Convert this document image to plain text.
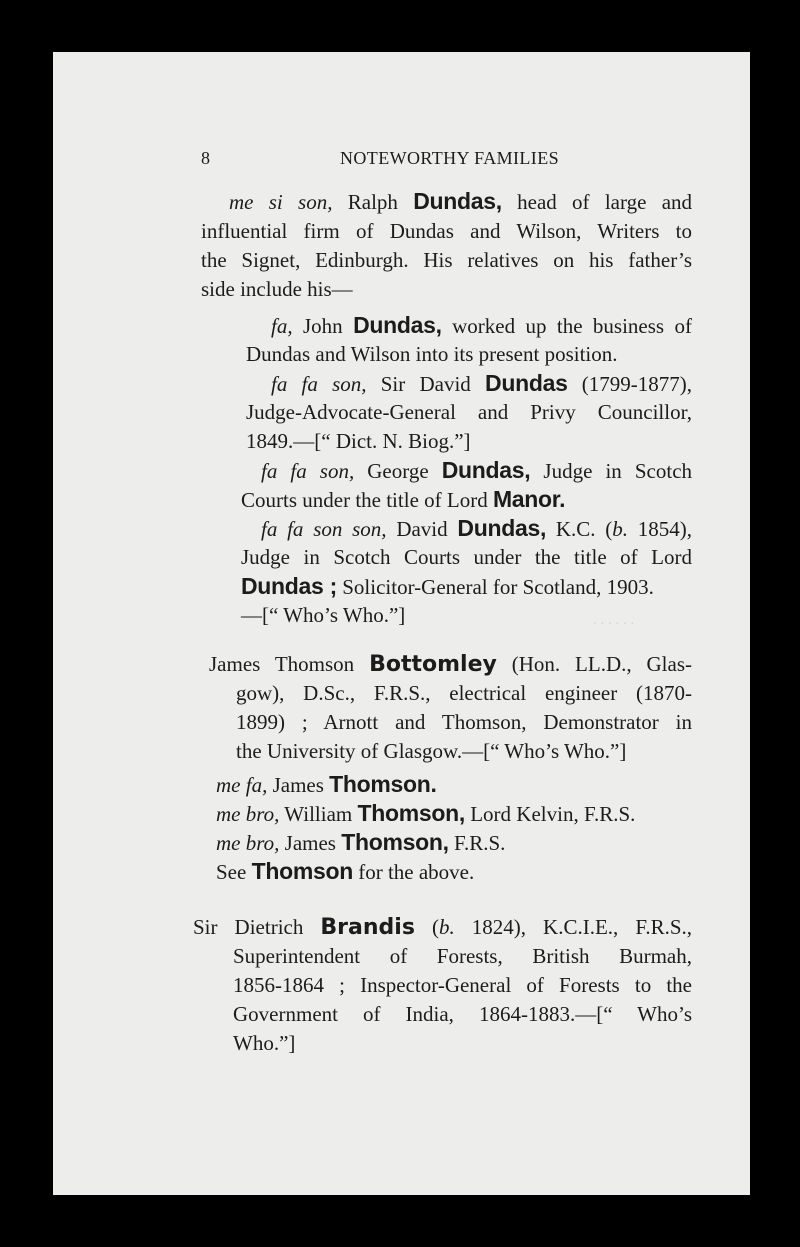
. . . . . .
8	NOTEWORTHY FAMILIES
me si son, Ralph Dundas, head of large and
influential firm of Dundas and Wilson, Writers to
the Signet, Edinburgh. His relatives on his father’s
side include his—
fa, John Dundas, worked up the business of
Dundas and Wilson into its present position.
fa fa son, Sir David Dundas (1799-1877),
Judge-Advocate-General and Privy Councillor,
1849.—[“ Dict. N. Biog.”]
fa fa son, George Dundas, Judge in Scotch
Courts under the title of Lord Manor.
fa fa son son, David Dundas, K.C. (b. 1854),
Judge in Scotch Courts under the title of Lord
Dundas ; Solicitor-General for Scotland, 1903.
—[“ Who’s Who.”]
James Thomson Bottomley (Hon. LL.D., Glas-
gow), D.Sc., F.R.S., electrical engineer (1870-
1899) ; Arnott and Thomson, Demonstrator in
the University of Glasgow.—[“ Who’s Who.”]
me fa, James Thomson.
me bro, William Thomson, Lord Kelvin, F.R.S.
me bro, James Thomson, F.R.S.
See Thomson for the above.
Sir Dietrich Brandis (b. 1824), K.C.I.E., F.R.S.,
Superintendent of Forests, British Burmah,
1856-1864 ; Inspector-General of Forests to the
Government of India, 1864-1883.—[“ Who’s
Who.”]
